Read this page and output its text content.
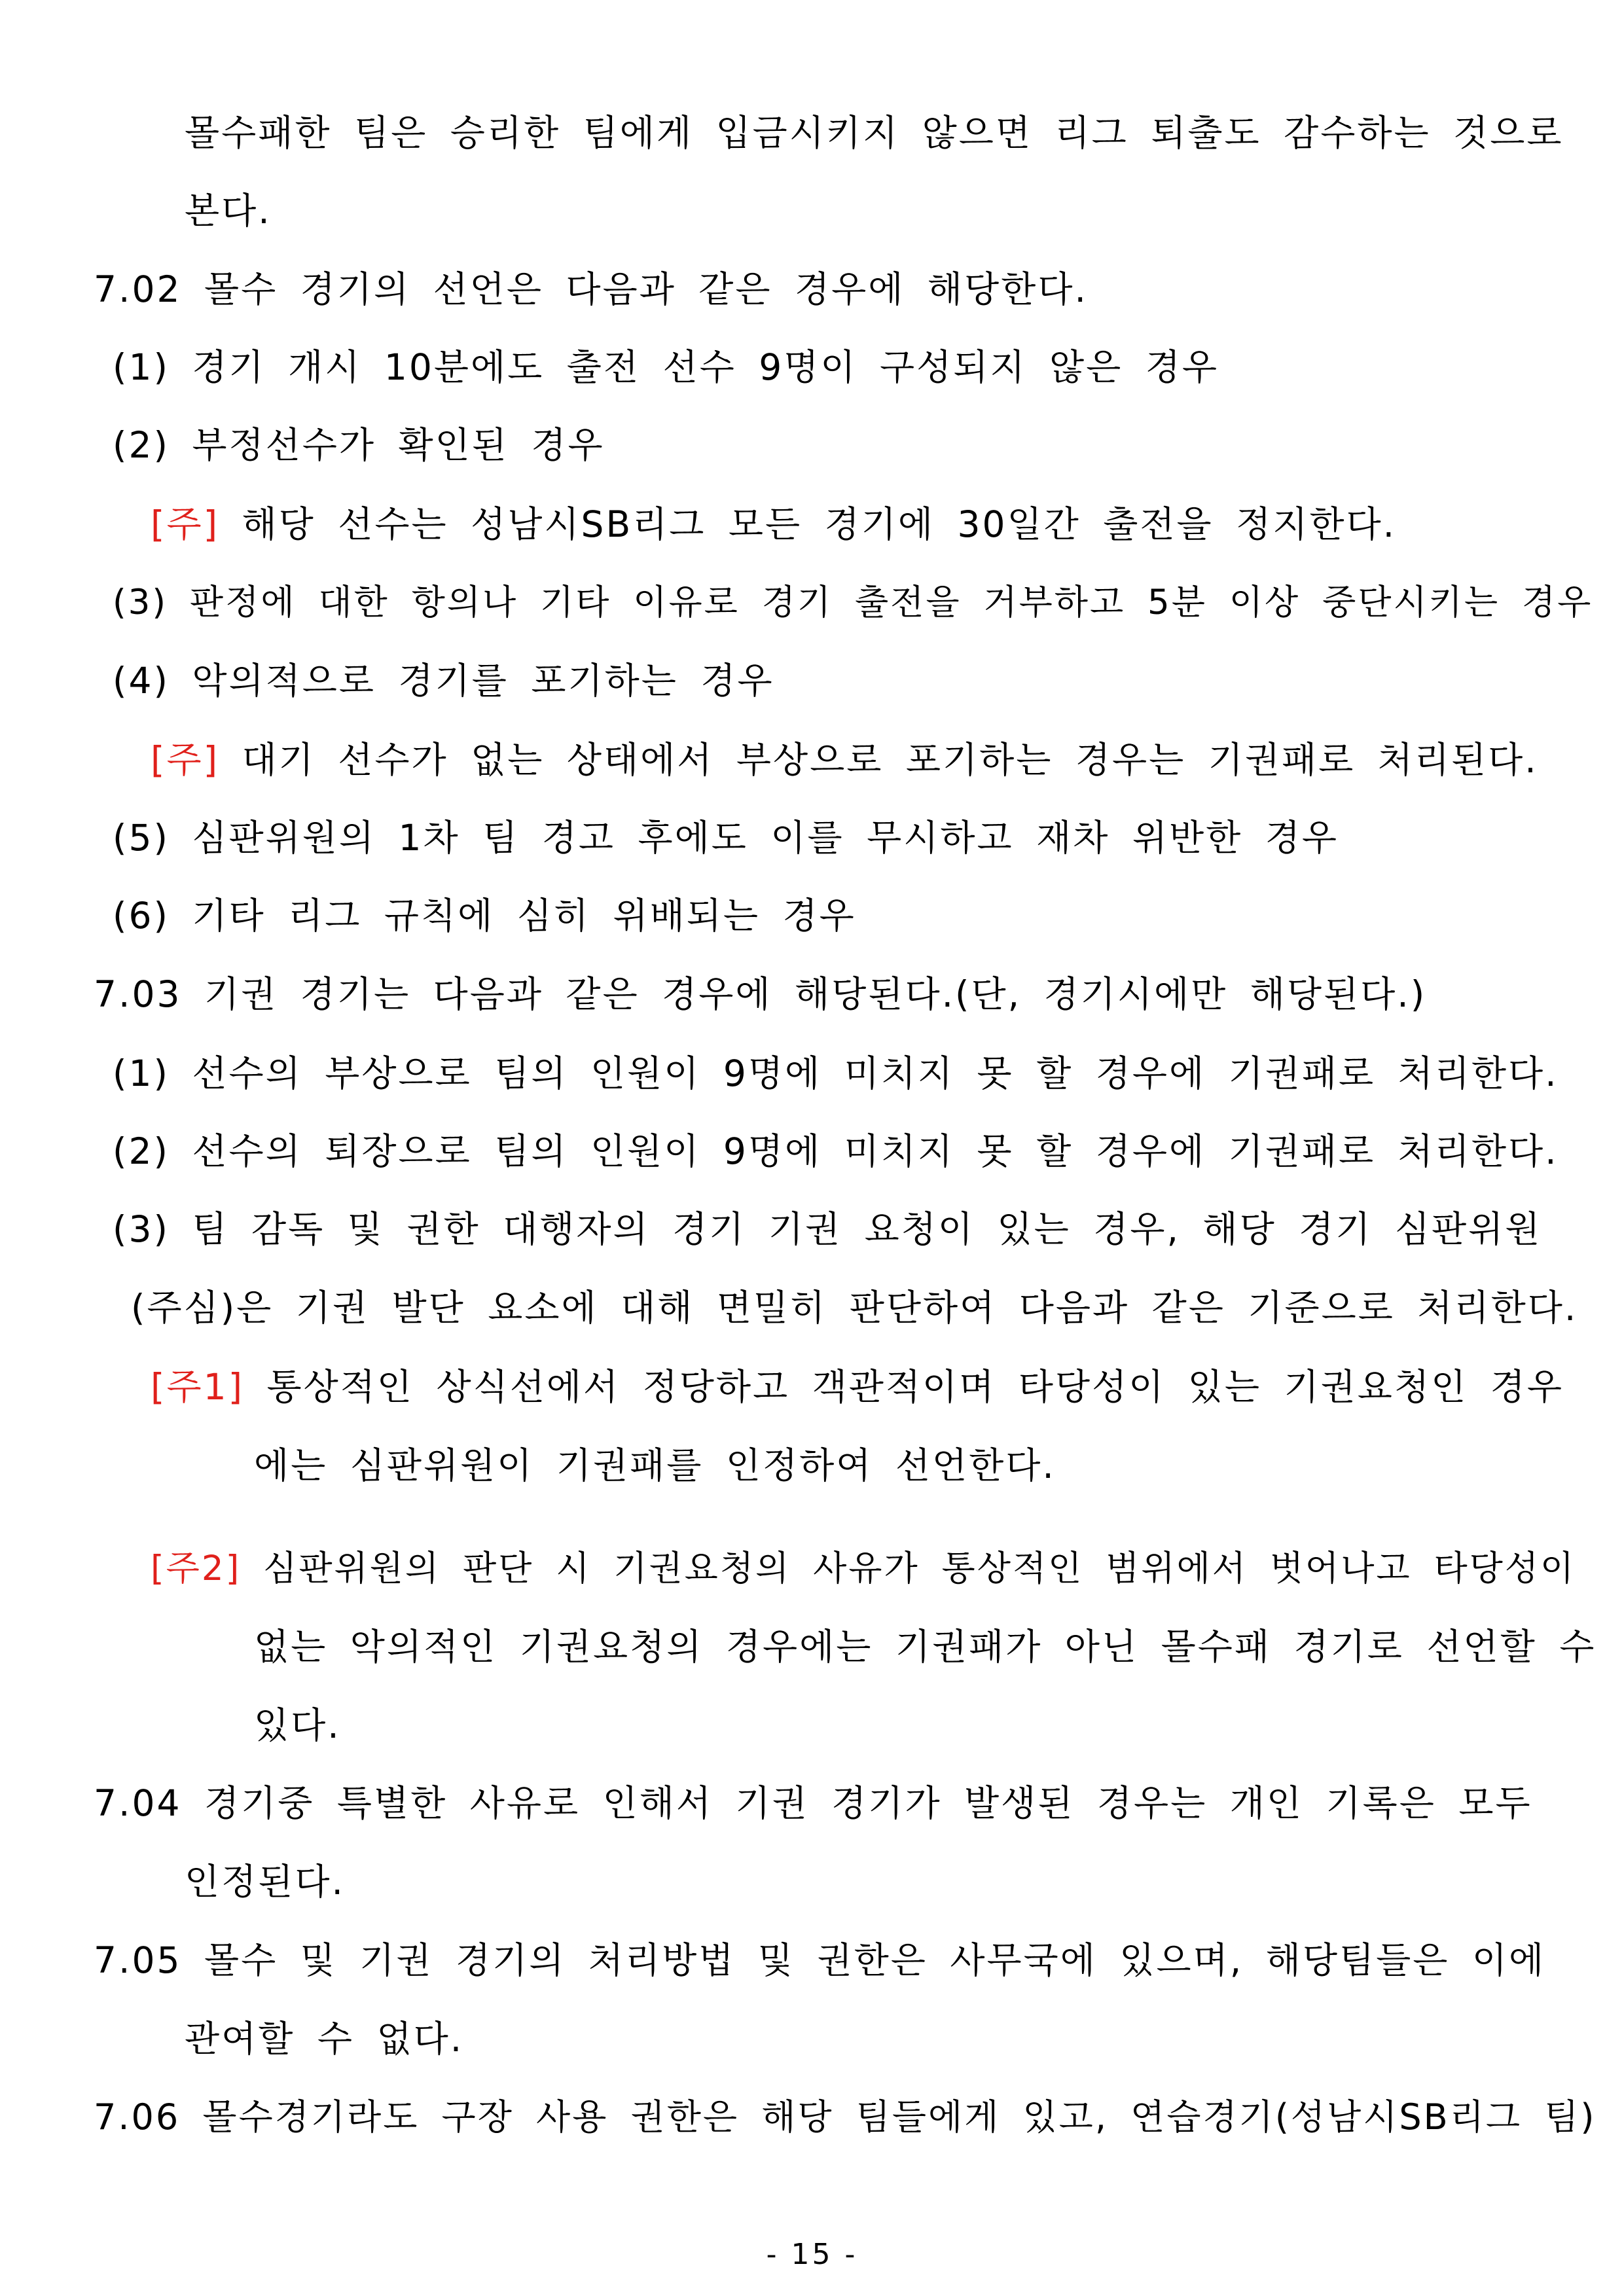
몰수패한 팀은 승리한 팀에게 입금시키지 않으면 리그 퇴출도 감수하는 것으로
본다.
7.02 몰수 경기의 선언은 다음과 같은 경우에 해당한다.
(1) 경기 개시 10분에도 출전 선수 9명이 구성되지 않은 경우
(2) 부정선수가 확인된 경우
[주] 해당 선수는 성남시SB리그 모든 경기에 30일간 출전을 정지한다.
(3) 판정에 대한 항의나 기타 이유로 경기 출전을 거부하고 5분 이상 중단시키는 경우
(4) 악의적으로 경기를 포기하는 경우
[주] 대기 선수가 없는 상태에서 부상으로 포기하는 경우는 기권패로 처리된다.
(5) 심판위원의 1차 팀 경고 후에도 이를 무시하고 재차 위반한 경우
(6) 기타 리그 규칙에 심히 위배되는 경우
7.03 기권 경기는 다음과 같은 경우에 해당된다.(단, 경기시에만 해당된다.)
(1) 선수의 부상으로 팀의 인원이 9명에 미치지 못 할 경우에 기권패로 처리한다.
(2) 선수의 퇴장으로 팀의 인원이 9명에 미치지 못 할 경우에 기권패로 처리한다.
(3) 팀 감독 및 권한 대행자의 경기 기권 요청이 있는 경우, 해당 경기 심판위원
(주심)은 기권 발단 요소에 대해 면밀히 판단하여 다음과 같은 기준으로 처리한다.
[주1] 통상적인 상식선에서 정당하고 객관적이며 타당성이 있는 기권요청인 경우
에는 심판위원이 기권패를 인정하여 선언한다.
[주2] 심판위원의 판단 시 기권요청의 사유가 통상적인 범위에서 벗어나고 타당성이
없는 악의적인 기권요청의 경우에는 기권패가 아닌 몰수패 경기로 선언할 수
있다.
7.04 경기중 특별한 사유로 인해서 기권 경기가 발생된 경우는 개인 기록은 모두
인정된다.
7.05 몰수 및 기권 경기의 처리방법 및 권한은 사무국에 있으며, 해당팀들은 이에
관여할 수 없다.
7.06 몰수경기라도 구장 사용 권한은 해당 팀들에게 있고, 연습경기(성남시SB리그 팀)
- 15 -
